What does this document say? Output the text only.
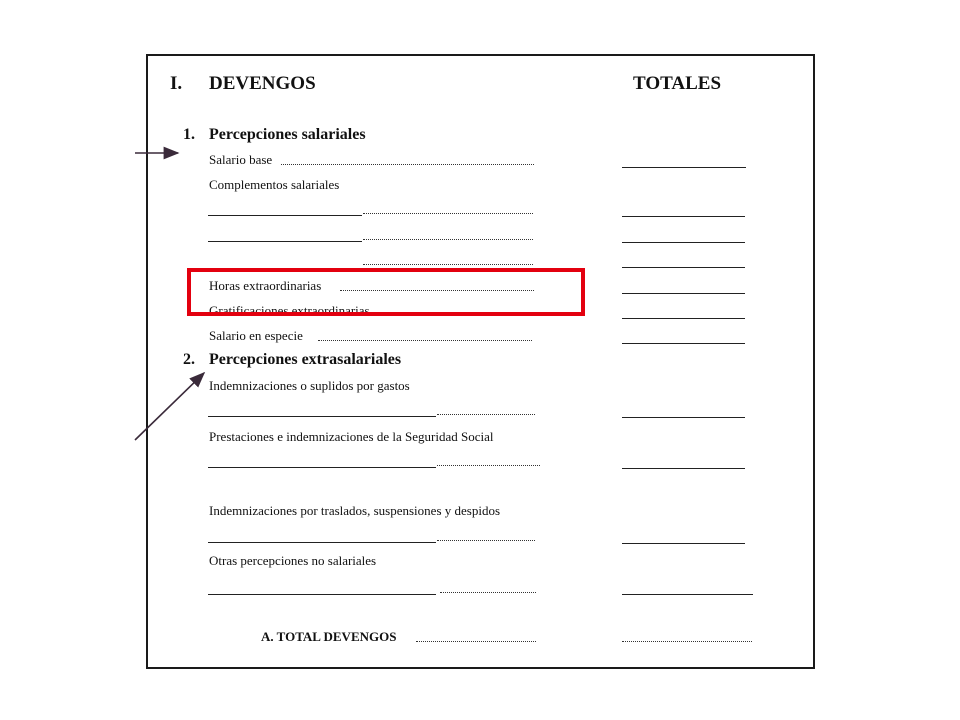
I. DEVENGOS	TOTALES
1. Percepciones salariales
Salario base
Complementos salariales
Horas extraordinarias
Gratificaciones extraordinarias
Salario en especie
2. Percepciones extrasalariales
Indemnizaciones o suplidos por gastos
Prestaciones e indemnizaciones de la Seguridad Social
Indemnizaciones por traslados, suspensiones y despidos
Otras percepciones no salariales
A. TOTAL DEVENGOS
